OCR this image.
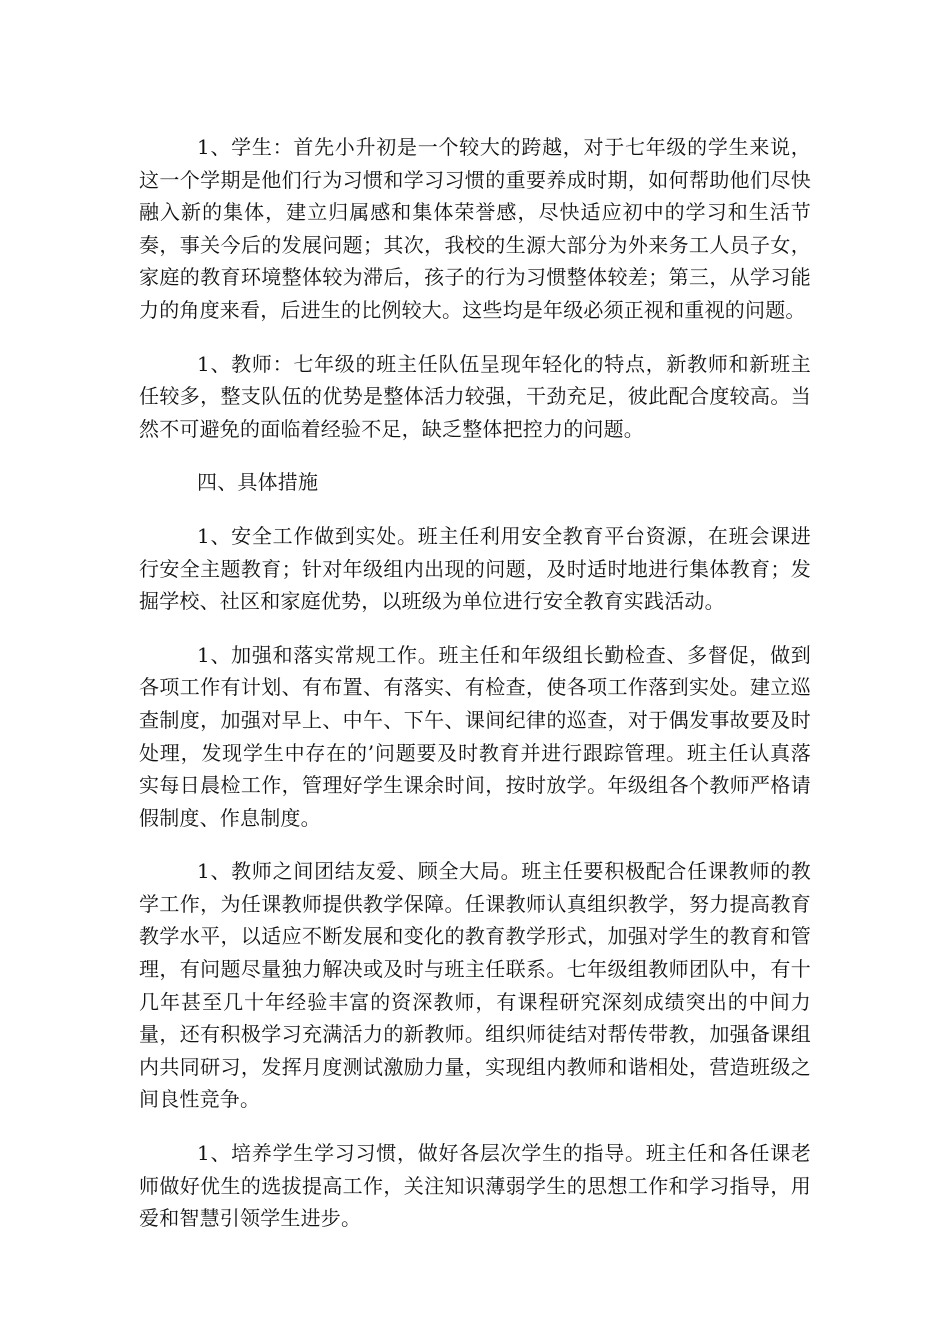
1、学生：首先小升初是一个较大的跨越，对于七年级的学生来说，这一个学期是他们行为习惯和学习习惯的重要养成时期，如何帮助他们尽快融入新的集体，建立归属感和集体荣誉感，尽快适应初中的学习和生活节奏，事关今后的发展问题；其次，我校的生源大部分为外来务工人员子女，家庭的教育环境整体较为滞后，孩子的行为习惯整体较差；第三，从学习能力的角度来看，后进生的比例较大。这些均是年级必须正视和重视的问题。

1、教师：七年级的班主任队伍呈现年轻化的特点，新教师和新班主任较多，整支队伍的优势是整体活力较强，干劲充足，彼此配合度较高。当然不可避免的面临着经验不足，缺乏整体把控力的问题。

四、具体措施

1、安全工作做到实处。班主任利用安全教育平台资源，在班会课进行安全主题教育；针对年级组内出现的问题，及时适时地进行集体教育；发掘学校、社区和家庭优势，以班级为单位进行安全教育实践活动。

1、加强和落实常规工作。班主任和年级组长勤检查、多督促，做到各项工作有计划、有布置、有落实、有检查，使各项工作落到实处。建立巡查制度，加强对早上、中午、下午、课间纪律的巡查，对于偶发事故要及时处理，发现学生中存在的’问题要及时教育并进行跟踪管理。班主任认真落实每日晨检工作，管理好学生课余时间，按时放学。年级组各个教师严格请假制度、作息制度。

1、教师之间团结友爱、顾全大局。班主任要积极配合任课教师的教学工作，为任课教师提供教学保障。任课教师认真组织教学，努力提高教育教学水平，以适应不断发展和变化的教育教学形式，加强对学生的教育和管理，有问题尽量独力解决或及时与班主任联系。七年级组教师团队中，有十几年甚至几十年经验丰富的资深教师，有课程研究深刻成绩突出的中间力量，还有积极学习充满活力的新教师。组织师徒结对帮传带教，加强备课组内共同研习，发挥月度测试激励力量，实现组内教师和谐相处，营造班级之间良性竞争。

1、培养学生学习习惯，做好各层次学生的指导。班主任和各任课老师做好优生的选拔提高工作，关注知识薄弱学生的思想工作和学习指导，用爱和智慧引领学生进步。
